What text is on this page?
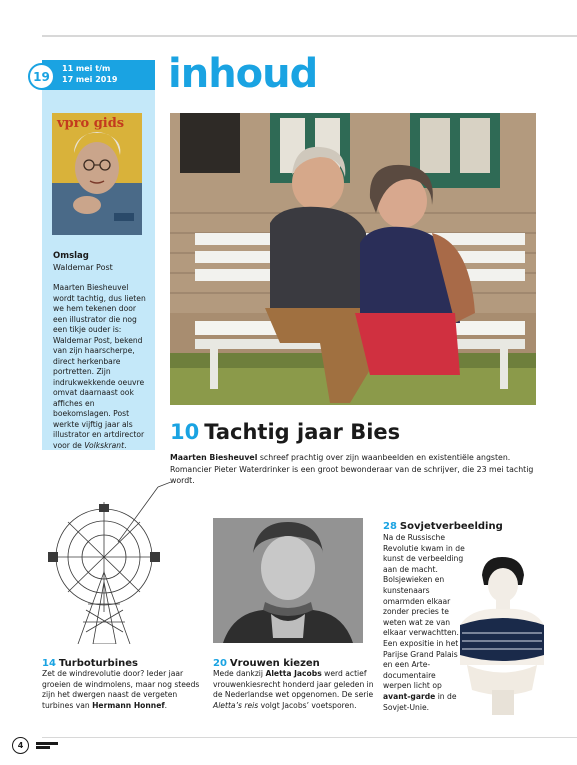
19
11 mei t/m
17 mei 2019 inhoud
vpro gids
Omslag
Waldemar Post

Maarten Biesheuvel wordt tachtig, dus lieten we hem tekenen door een illustrator die nog een tikje ouder is: Waldemar Post, bekend van zijn haarscherpe, direct herkenbare portretten. Zijn indrukwekkende oeuvre omvat daarnaast ook affiches en boekomslagen. Post werkte vijftig jaar als illustrator en artdirector voor de Volkskrant.

10 Tachtig jaar Bies

Maarten Biesheuvel schreef prachtig over zijn waanbeelden en existentiële angsten. Romancier Pieter Waterdrinker is een groot bewonderaar van de schrijver, die 23 mei tachtig wordt.

14 Turboturbines

Zet de windrevolutie door? Ieder jaar groeien de windmolens, maar nog steeds zijn het dwergen naast de vergeten turbines van Hermann Honnef.

20 Vrouwen kiezen

Mede dankzij Aletta Jacobs werd actief vrouwenkiesrecht honderd jaar geleden in de Nederlandse wet opgenomen. De serie Aletta’s reis volgt Jacobs’ voetsporen.

28 Sovjetverbeelding

Na de Russische Revolutie kwam in de kunst de verbeelding aan de macht. Bolsjewieken en kunstenaars omarmden elkaar zonder precies te weten wat ze van elkaar verwachtten. Een expositie in het Parijse Grand Palais en een Arte-documentaire werpen licht op avant-garde in de Sovjet-Unie.

4
